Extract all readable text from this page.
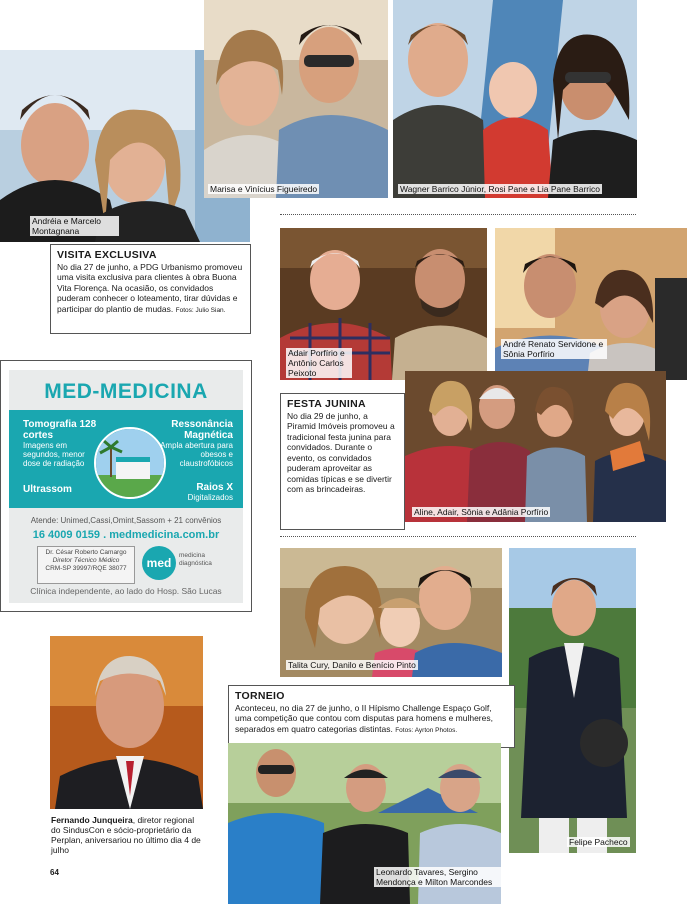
Andréia e Marcelo Montagnana
Marisa e Vinícius Figueiredo	Wagner Barrico Júnior, Rosi Pane e Lia Pane Barrico
VISITA EXCLUSIVA
No dia 27 de junho, a PDG Urbanismo promoveu uma visita exclusiva para clientes à obra Buona Vita Florença. Na ocasião, os convidados puderam conhecer o loteamento, tirar dúvidas e participar do plantio de mudas. Fotos: Julio Sian.
Adair Porfírio e Antônio Carlos Peixoto
André Renato Servidone e Sônia Porfírio
FESTA JUNINA
No dia 29 de junho, a Piramid Imóveis promoveu a tradicional festa junina para convidados. Durante o evento, os convidados puderam aproveitar as comidas típicas e se divertir com as brincadeiras.
Aline, Adair, Sônia e Adânia Porfírio
MED-MEDICINA
Tomografia 128 cortes
Imagens em segundos, menor dose de radiação
Ressonância Magnética
Ampla abertura para obesos e claustrofóbicos
Ultrassom	Raios X
Digitalizados
Atende: Unimed,Cassi,Omint,Sassom + 21 convênios
16 4009 0159 . medmedicina.com.br
Dr. César Roberto Camargo
Diretor Técnico Médico
CRM-SP 39997/RQE 38077	med
medicina diagnóstica
Clínica independente, ao lado do Hosp. São Lucas
Talita Cury, Danilo e Benício Pinto
Felipe Pacheco
TORNEIO
Aconteceu, no dia 27 de junho, o II Hípismo Challenge Espaço Golf, uma competição que contou com disputas para homens e mulheres, separados em quatro categorias distintas. Fotos: Ayrton Photos.
Fernando Junqueira, diretor regional do SindusCon e sócio-proprietário da Perplan, aniversariou no último dia 4 de julho
Leonardo Tavares, Sergino Mendonça e Milton Marcondes
64
